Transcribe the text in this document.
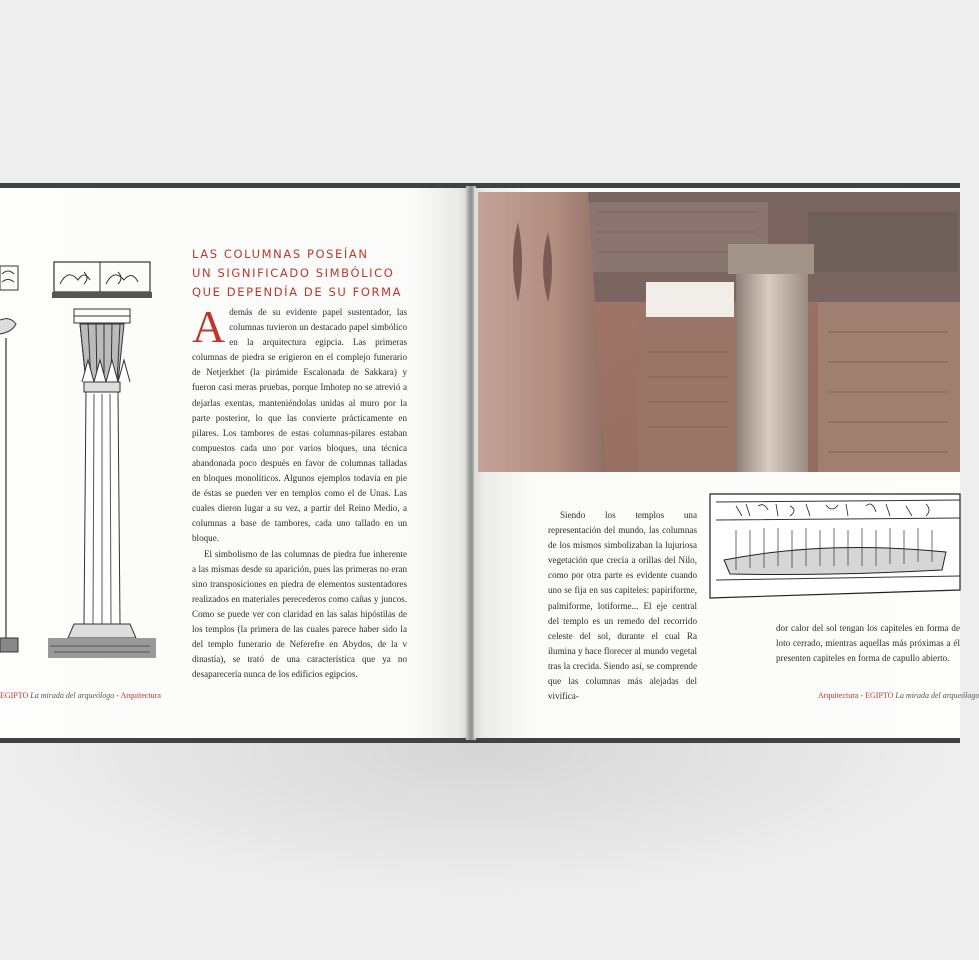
LAS COLUMNAS POSEÍAN
UN SIGNIFICADO SIMBÓLICO
QUE DEPENDÍA DE SU FORMA

Además de su evidente papel sustentador, las columnas tuvieron un destacado papel simbólico en la arquitectura egipcia. Las primeras columnas de piedra se erigieron en el complejo funerario de Netjerkhet (la pirámide Escalonada de Sakkara) y fueron casi meras pruebas, porque Imhotep no se atrevió a dejarlas exentas, manteniéndolas unidas al muro por la parte posterior, lo que las convierte prácticamente en pilares. Los tambores de estas columnas-pilares estaban compuestos cada uno por varios bloques, una técnica abandonada poco después en favor de columnas talladas en bloques monolíticos. Algunos ejemplos todavía en pie de éstas se pueden ver en templos como el de Unas. Las cuales dieron lugar a su vez, a partir del Reino Medio, a columnas a base de tambores, cada uno tallado en un bloque.

El simbolismo de las columnas de piedra fue inherente a las mismas desde su aparición, pues las primeras no eran sino transposiciones en piedra de elementos sustentadores realizados en materiales perecederos como cañas y juncos. Como se puede ver con claridad en las salas hipóstilas de los templos (la primera de las cuales parece haber sido la del templo funerario de Neferefre en Abydos, de la v dinastía), se trató de una característica que ya no desaparecería nunca de los edificios egipcios.

EGIPTO La mirada del arqueólogo - Arquitectura

Siendo los templos una representación del mundo, las columnas de los mismos simbolizaban la lujuriosa vegetación que crecía a orillas del Nilo, como por otra parte es evidente cuando uno se fija en sus capiteles: papiriforme, palmiforme, lotiforme... El eje central del templo es un remedo del recorrido celeste del sol, durante el cual Ra ilumina y hace florecer al mundo vegetal tras la crecida. Siendo así, se comprende que las columnas más alejadas del vivifica-

dor calor del sol tengan los capiteles en forma de loto cerrado, mientras aquellas más próximas a él presenten capiteles en forma de capullo abierto.

Arquitectura - EGIPTO La mirada del arqueólogo
